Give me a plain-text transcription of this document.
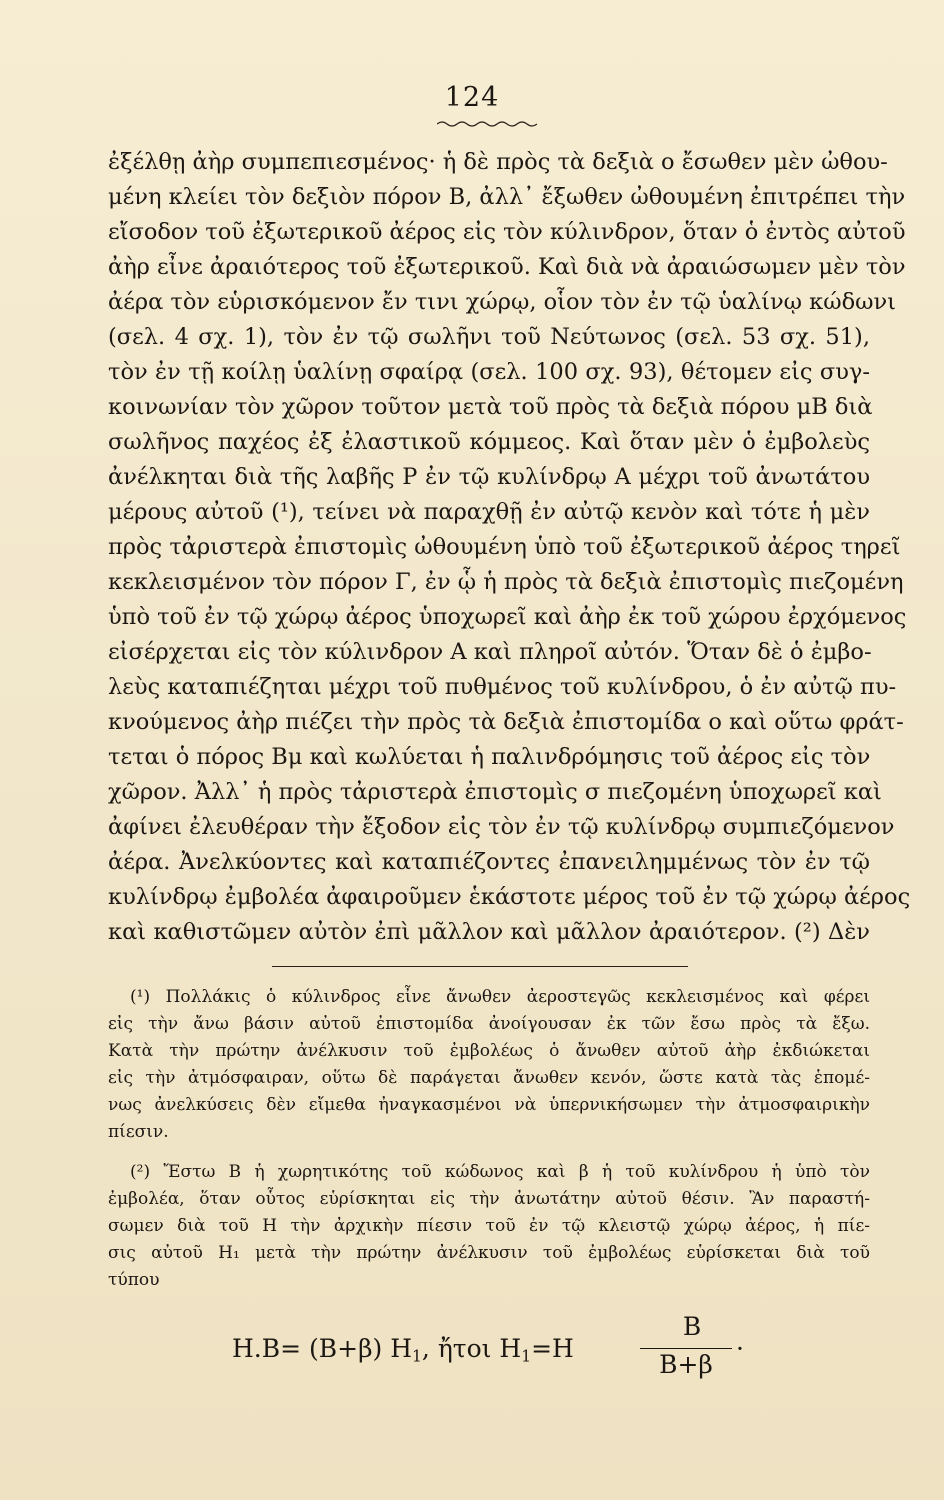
124
ἐξέλθῃ ἀὴρ συμπεπιεσμένος· ἡ δὲ πρὸς τὰ δεξιὰ ο ἔσωθεν μὲν ὠθου-
μένη κλείει τὸν δεξιὸν πόρον Β, ἀλλ᾽ ἔξωθεν ὠθουμένη ἐπιτρέπει τὴν
εἴσοδον τοῦ ἐξωτερικοῦ ἀέρος εἰς τὸν κύλινδρον, ὅταν ὁ ἐντὸς αὐτοῦ
ἀὴρ εἶνε ἀραιότερος τοῦ ἐξωτερικοῦ. Καὶ διὰ νὰ ἀραιώσωμεν μὲν τὸν
ἀέρα τὸν εὑρισκόμενον ἔν τινι χώρῳ, οἷον τὸν ἐν τῷ ὑαλίνῳ κώδωνι
(σελ. 4 σχ. 1), τὸν ἐν τῷ σωλῆνι τοῦ Νεύτωνος (σελ. 53 σχ. 51),
τὸν ἐν τῇ κοίλῃ ὑαλίνῃ σφαίρᾳ (σελ. 100 σχ. 93), θέτομεν εἰς συγ-
κοινωνίαν τὸν χῶρον τοῦτον μετὰ τοῦ πρὸς τὰ δεξιὰ πόρου μΒ διὰ
σωλῆνος παχέος ἐξ ἐλαστικοῦ κόμμεος. Καὶ ὅταν μὲν ὁ ἐμβολεὺς
ἀνέλκηται διὰ τῆς λαβῆς Ρ ἐν τῷ κυλίνδρῳ Α μέχρι τοῦ ἀνωτάτου
μέρους αὐτοῦ (¹), τείνει νὰ παραχθῇ ἐν αὐτῷ κενὸν καὶ τότε ἡ μὲν
πρὸς τἀριστερὰ ἐπιστομὶς ὠθουμένη ὑπὸ τοῦ ἐξωτερικοῦ ἀέρος τηρεῖ
κεκλεισμένον τὸν πόρον Γ, ἐν ᾧ ἡ πρὸς τὰ δεξιὰ ἐπιστομὶς πιεζομένη
ὑπὸ τοῦ ἐν τῷ χώρῳ ἀέρος ὑποχωρεῖ καὶ ἀὴρ ἐκ τοῦ χώρου ἐρχόμενος
εἰσέρχεται εἰς τὸν κύλινδρον Α καὶ πληροῖ αὐτόν. Ὅταν δὲ ὁ ἐμβο-
λεὺς καταπιέζηται μέχρι τοῦ πυθμένος τοῦ κυλίνδρου, ὁ ἐν αὐτῷ πυ-
κνούμενος ἀὴρ πιέζει τὴν πρὸς τὰ δεξιὰ ἐπιστομίδα ο καὶ οὕτω φράτ-
τεται ὁ πόρος Βμ καὶ κωλύεται ἡ παλινδρόμησις τοῦ ἀέρος εἰς τὸν
χῶρον. Ἀλλ᾽ ἡ πρὸς τἀριστερὰ ἐπιστομὶς σ πιεζομένη ὑποχωρεῖ καὶ
ἀφίνει ἐλευθέραν τὴν ἔξοδον εἰς τὸν ἐν τῷ κυλίνδρῳ συμπιεζόμενον
ἀέρα. Ἀνελκύοντες καὶ καταπιέζοντες ἐπανειλημμένως τὸν ἐν τῷ
κυλίνδρῳ ἐμβολέα ἀφαιροῦμεν ἑκάστοτε μέρος τοῦ ἐν τῷ χώρῳ ἀέρος
καὶ καθιστῶμεν αὐτὸν ἐπὶ μᾶλλον καὶ μᾶλλον ἀραιότερον. (²) Δὲν
(¹) Πολλάκις ὁ κύλινδρος εἶνε ἄνωθεν ἀεροστεγῶς κεκλεισμένος καὶ φέρει
εἰς τὴν ἄνω βάσιν αὐτοῦ ἐπιστομίδα ἀνοίγουσαν ἐκ τῶν ἔσω πρὸς τὰ ἔξω.
Κατὰ τὴν πρώτην ἀνέλκυσιν τοῦ ἐμβολέως ὁ ἄνωθεν αὐτοῦ ἀὴρ ἐκδιώκεται
εἰς τὴν ἀτμόσφαιραν, οὕτω δὲ παράγεται ἄνωθεν κενόν, ὥστε κατὰ τὰς ἑπομέ-
νως ἀνελκύσεις δὲν εἴμεθα ἠναγκασμένοι νὰ ὑπερνικήσωμεν τὴν ἀτμοσφαιρικὴν
πίεσιν.
(²) Ἔστω Β ἡ χωρητικότης τοῦ κώδωνος καὶ β ἡ τοῦ κυλίνδρου ἡ ὑπὸ τὸν
ἐμβολέα, ὅταν οὗτος εὑρίσκηται εἰς τὴν ἀνωτάτην αὐτοῦ θέσιν. Ἂν παραστή-
σωμεν διὰ τοῦ Η τὴν ἀρχικὴν πίεσιν τοῦ ἐν τῷ κλειστῷ χώρῳ ἀέρος, ἡ πίε-
σις αὐτοῦ Η₁ μετὰ τὴν πρώτην ἀνέλκυσιν τοῦ ἐμβολέως εὑρίσκεται διὰ τοῦ
τύπου
Η.Β= (Β+β) $H_1$, ἤτοι $H_1=H$
Β
Β+β
·
